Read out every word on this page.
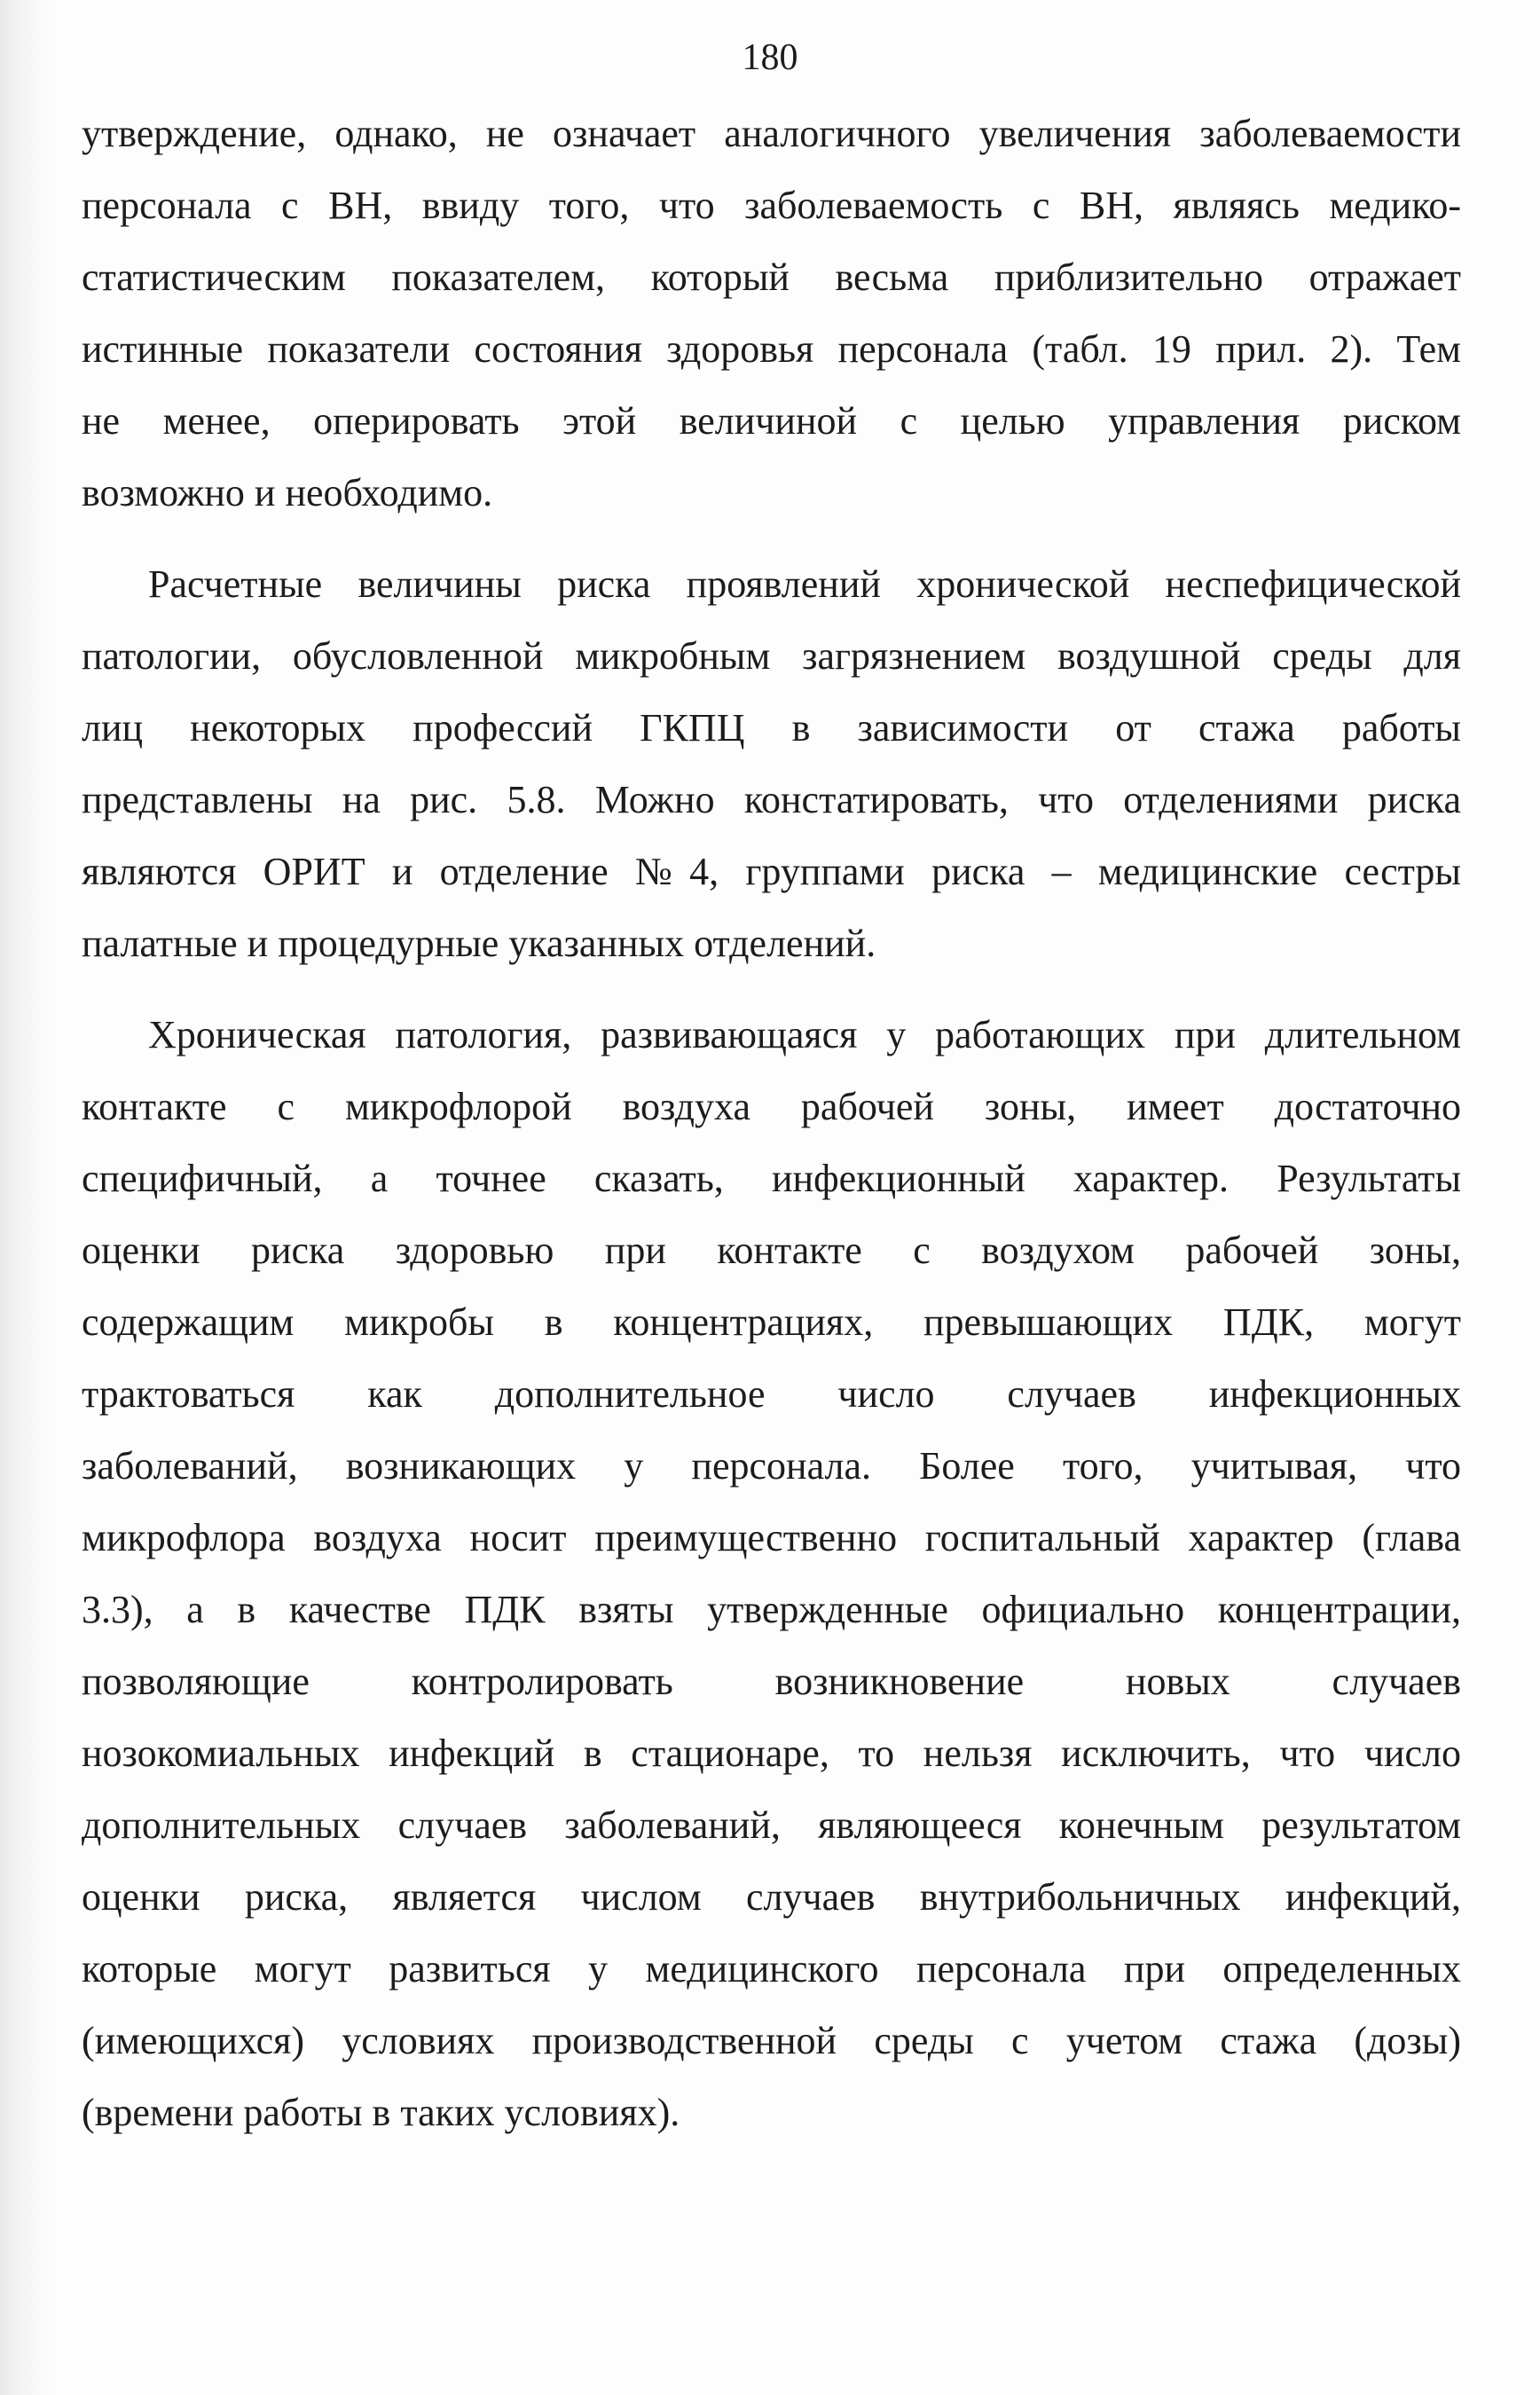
180
утверждение, однако, не означает аналогичного увеличения заболеваемости
персонала с ВН, ввиду того, что заболеваемость с ВН, являясь медико-
статистическим показателем, который весьма приблизительно отражает
истинные показатели состояния здоровья персонала (табл. 19 прил. 2). Тем
не менее, оперировать этой величиной с целью управления риском
возможно и необходимо.
Расчетные величины риска проявлений хронической неспефицической
патологии, обусловленной микробным загрязнением воздушной среды для
лиц некоторых профессий ГКПЦ в зависимости от стажа работы
представлены на рис. 5.8. Можно констатировать, что отделениями риска
являются ОРИТ и отделение №4, группами риска – медицинские сестры
палатные и процедурные указанных отделений.
Хроническая патология, развивающаяся у работающих при длительном
контакте с микрофлорой воздуха рабочей зоны, имеет достаточно
специфичный, а точнее сказать, инфекционный характер. Результаты
оценки риска здоровью при контакте с воздухом рабочей зоны,
содержащим микробы в концентрациях, превышающих ПДК, могут
трактоваться как дополнительное число случаев инфекционных
заболеваний, возникающих у персонала. Более того, учитывая, что
микрофлора воздуха носит преимущественно госпитальный характер (глава
3.3), а в качестве ПДК взяты утвержденные официально концентрации,
позволяющие контролировать возникновение новых случаев
нозокомиальных инфекций в стационаре, то нельзя исключить, что число
дополнительных случаев заболеваний, являющееся конечным результатом
оценки риска, является числом случаев внутрибольничных инфекций,
которые могут развиться у медицинского персонала при определенных
(имеющихся) условиях производственной среды с учетом стажа (дозы)
(времени работы в таких условиях).
